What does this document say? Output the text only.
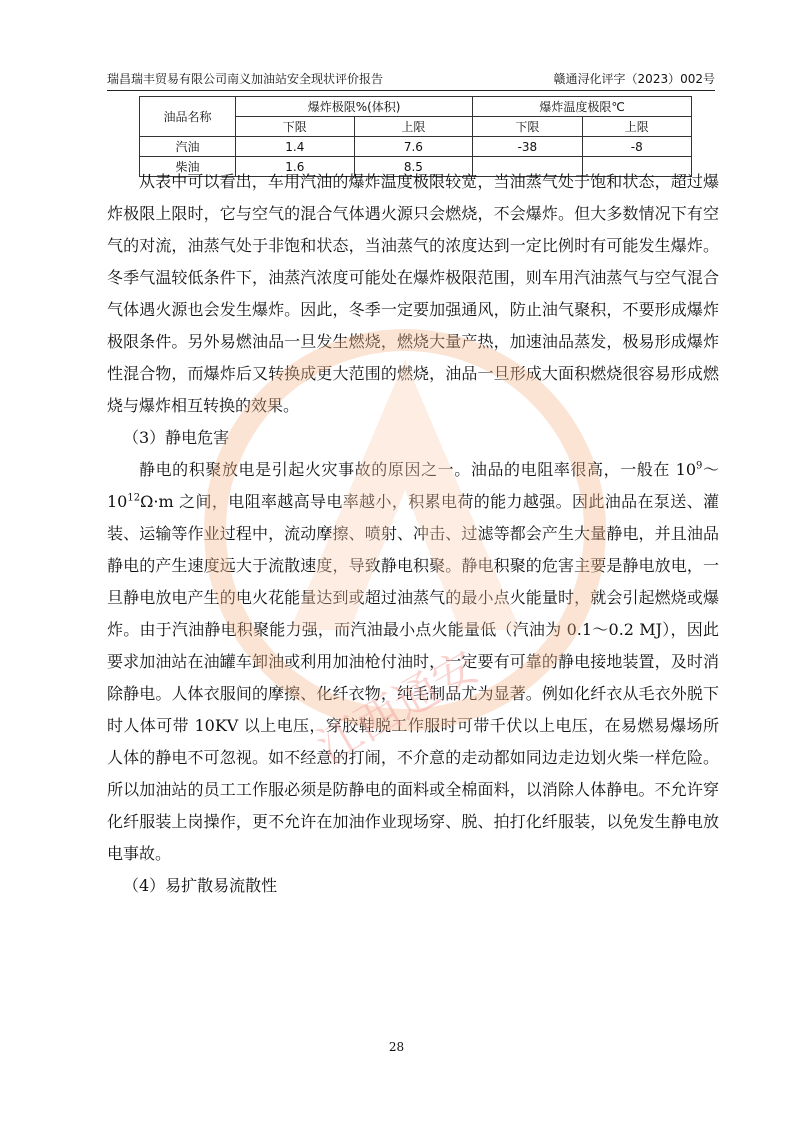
瑞昌瑞丰贸易有限公司南义加油站安全现状评价报告	赣通浔化评字（2023）002号
油品名称	爆炸极限%(体积)		爆炸温度极限℃	
	下限	上限	下限	上限
汽油	1.4	7.6	-38	-8
柴油	1.6	8.5		

从表中可以看出，车用汽油的爆炸温度极限较宽，当油蒸气处于饱和状态，超过爆炸极限上限时，它与空气的混合气体遇火源只会燃烧，不会爆炸。但大多数情况下有空气的对流，油蒸气处于非饱和状态，当油蒸气的浓度达到一定比例时有可能发生爆炸。冬季气温较低条件下，油蒸汽浓度可能处在爆炸极限范围，则车用汽油蒸气与空气混合气体遇火源也会发生爆炸。因此，冬季一定要加强通风，防止油气聚积，不要形成爆炸极限条件。另外易燃油品一旦发生燃烧，燃烧大量产热，加速油品蒸发，极易形成爆炸性混合物，而爆炸后又转换成更大范围的燃烧，油品一旦形成大面积燃烧很容易形成燃烧与爆炸相互转换的效果。

（3）静电危害

静电的积聚放电是引起火灾事故的原因之一。油品的电阻率很高，一般在 $10^9\sim 10^{12}\Omega\cdot m$ 之间，电阻率越高导电率越小，积累电荷的能力越强。因此油品在泵送、灌装、运输等作业过程中，流动摩擦、喷射、冲击、过滤等都会产生大量静电，并且油品静电的产生速度远大于流散速度，导致静电积聚。静电积聚的危害主要是静电放电，一旦静电放电产生的电火花能量达到或超过油蒸气的最小点火能量时，就会引起燃烧或爆炸。由于汽油静电积聚能力强，而汽油最小点火能量低（汽油为 0.1～0.2 MJ），因此要求加油站在油罐车卸油或利用加油枪付油时，一定要有可靠的静电接地装置，及时消除静电。人体衣服间的摩擦、化纤衣物，纯毛制品尤为显著。例如化纤衣从毛衣外脱下时人体可带 10KV 以上电压，穿胶鞋脱工作服时可带千伏以上电压，在易燃易爆场所人体的静电不可忽视。如不经意的打闹，不介意的走动都如同边走边划火柴一样危险。所以加油站的员工工作服必须是防静电的面料或全棉面料，以消除人体静电。不允许穿化纤服装上岗操作，更不允许在加油作业现场穿、脱、拍打化纤服装，以免发生静电放电事故。

（4）易扩散易流散性

28
江西通安
